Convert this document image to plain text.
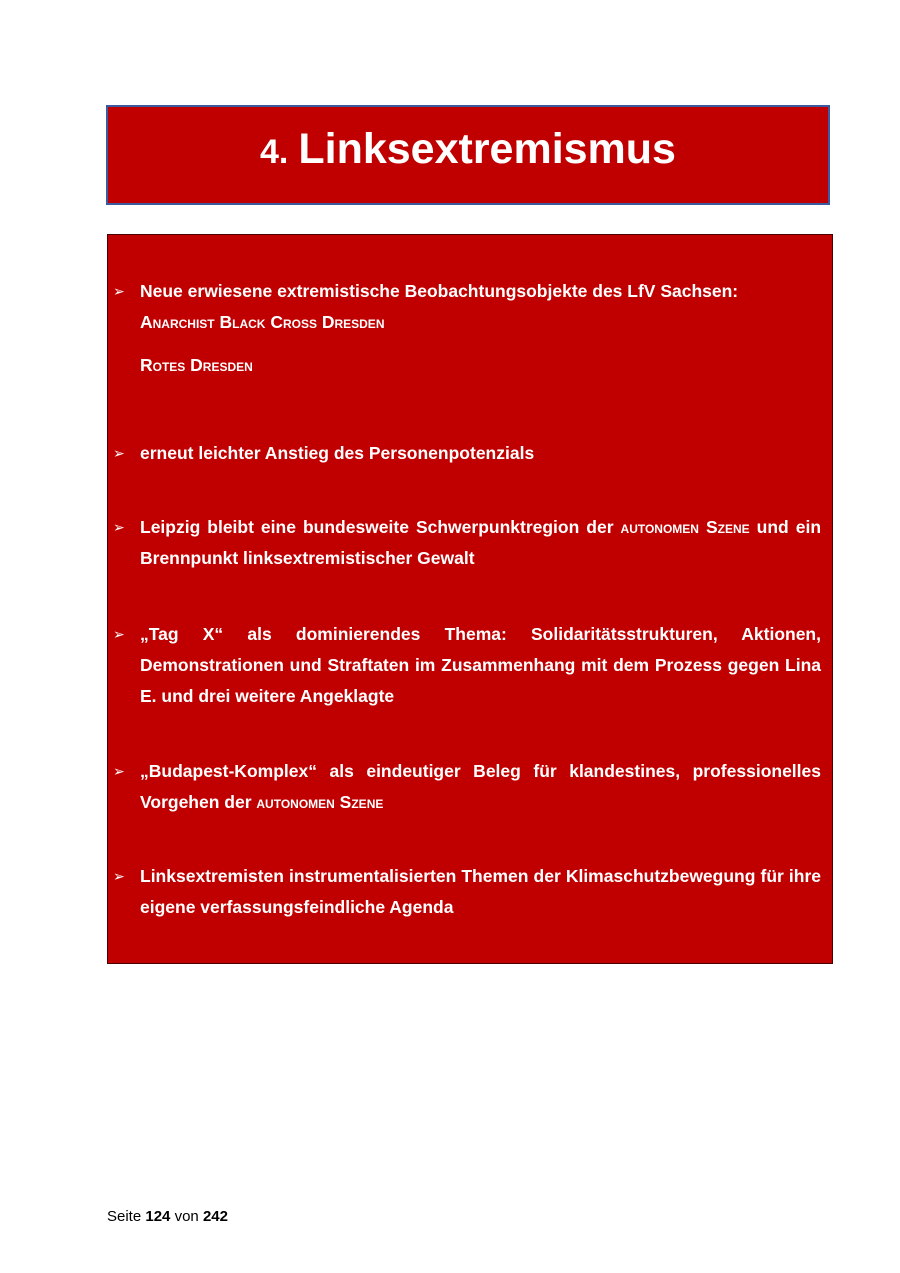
4. Linksextremismus
➢ Neue erwiesene extremistische Beobachtungsobjekte des LfV Sachsen:
Anarchist Black Cross Dresden
Rotes Dresden
➢ erneut leichter Anstieg des Personenpotenzials
➢ Leipzig bleibt eine bundesweite Schwerpunktregion der autonomen Szene und ein Brennpunkt linksextremistischer Gewalt
➢ „Tag X“ als dominierendes Thema: Solidaritätsstrukturen, Aktionen, Demonstrationen und Straftaten im Zusammenhang mit dem Prozess gegen Lina E. und drei weitere Angeklagte
➢ „Budapest-Komplex“ als eindeutiger Beleg für klandestines, professionelles Vorgehen der autonomen Szene
➢ Linksextremisten instrumentalisierten Themen der Klimaschutzbewegung für ihre eigene verfassungsfeindliche Agenda
Seite 124 von 242
